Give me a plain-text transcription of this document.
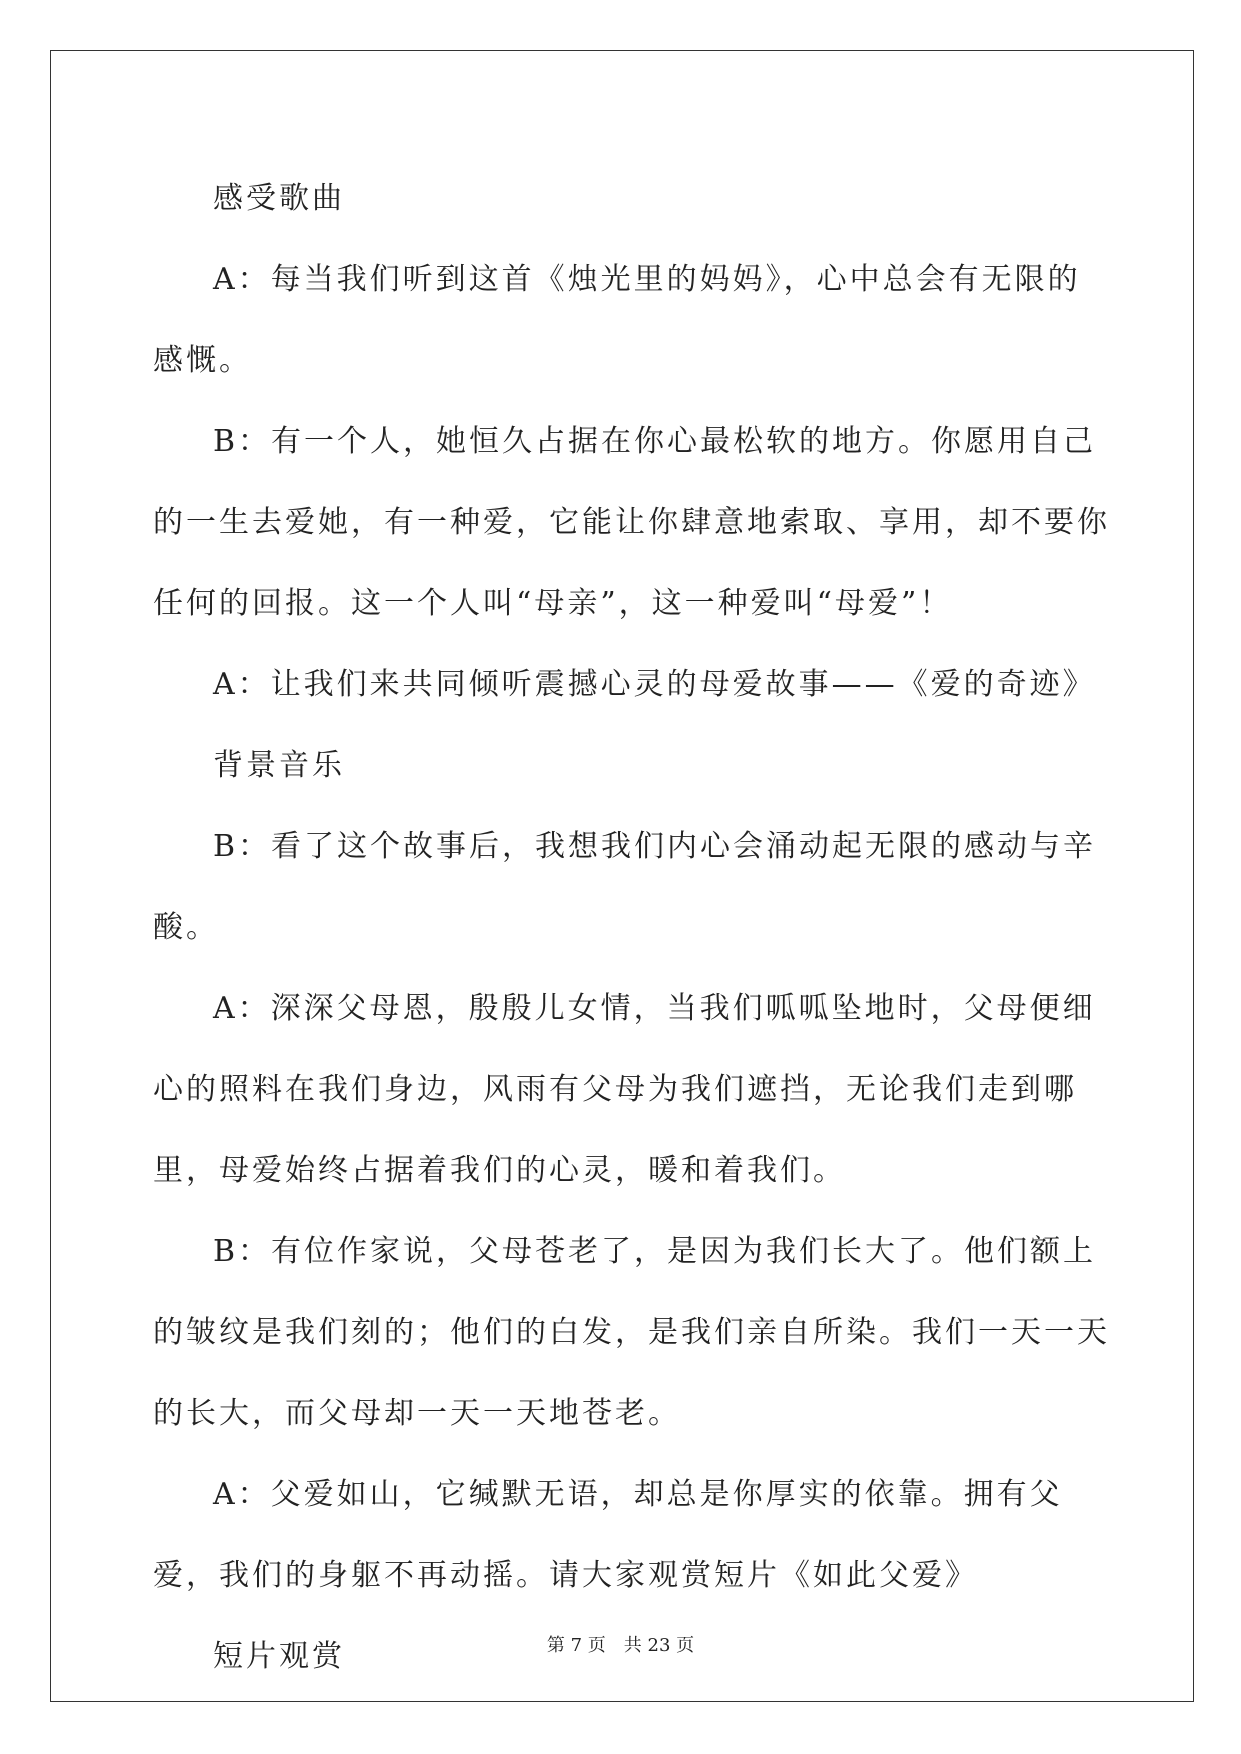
感受歌曲

A：每当我们听到这首《烛光里的妈妈》，心中总会有无限的感慨。

B：有一个人，她恒久占据在你心最松软的地方。你愿用自己的一生去爱她，有一种爱，它能让你肆意地索取、享用，却不要你任何的回报。这一个人叫“母亲”，这一种爱叫“母爱”！

A：让我们来共同倾听震撼心灵的母爱故事——《爱的奇迹》

背景音乐

B：看了这个故事后，我想我们内心会涌动起无限的感动与辛酸。

A：深深父母恩，殷殷儿女情，当我们呱呱坠地时，父母便细心的照料在我们身边，风雨有父母为我们遮挡，无论我们走到哪里，母爱始终占据着我们的心灵，暖和着我们。

B：有位作家说，父母苍老了，是因为我们长大了。他们额上的皱纹是我们刻的；他们的白发，是我们亲自所染。我们一天一天的长大，而父母却一天一天地苍老。

A：父爱如山，它缄默无语，却总是你厚实的依靠。拥有父爱，我们的身躯不再动摇。请大家观赏短片《如此父爱》

短片观赏	第 7 页　共 23 页
